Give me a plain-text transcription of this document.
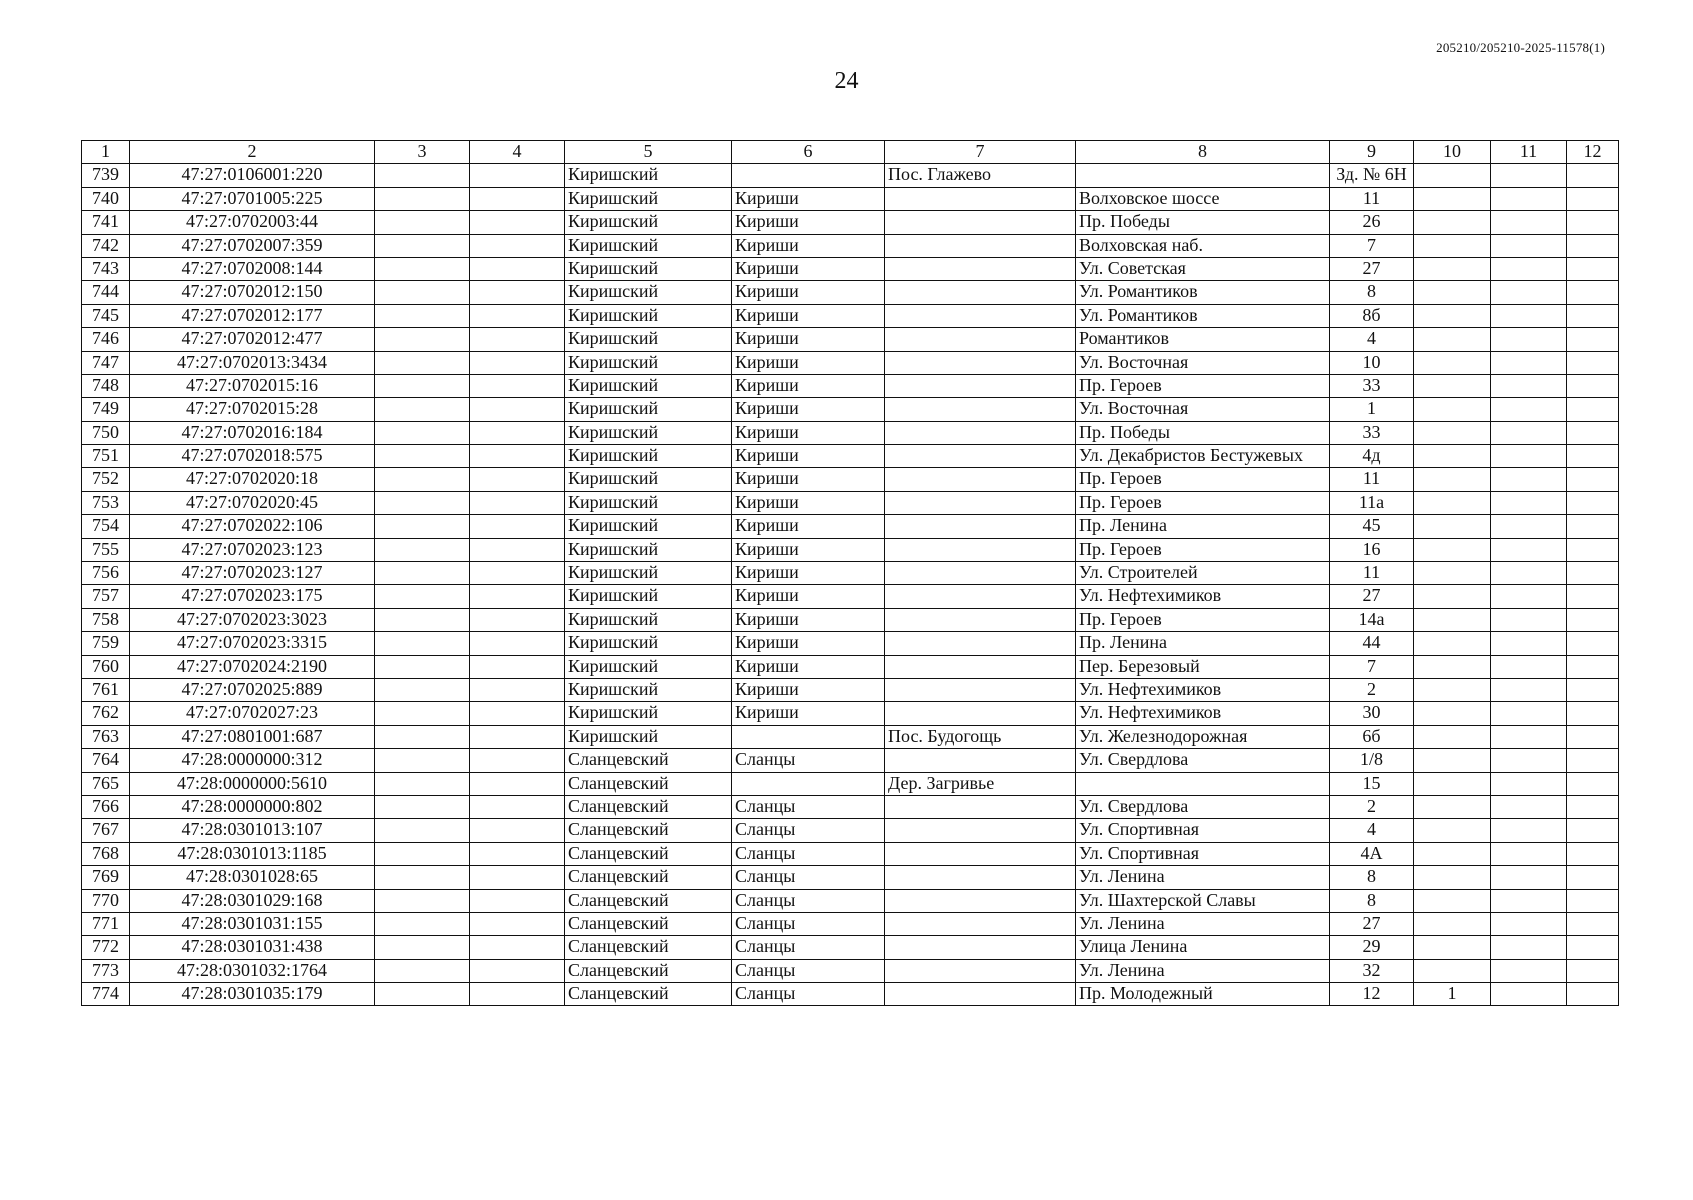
205210/205210-2025-11578(1)
24
1	2	3	4	5	6	7	8	9	10	11	12
739	47:27:0106001:220			Киришский		Пос. Глажево		Зд. № 6Н			
740	47:27:0701005:225			Киришский	Кириши		Волховское шоссе	11			
741	47:27:0702003:44			Киришский	Кириши		Пр. Победы	26			
742	47:27:0702007:359			Киришский	Кириши		Волховская наб.	7			
743	47:27:0702008:144			Киришский	Кириши		Ул. Советская	27			
744	47:27:0702012:150			Киришский	Кириши		Ул. Романтиков	8			
745	47:27:0702012:177			Киришский	Кириши		Ул. Романтиков	8б			
746	47:27:0702012:477			Киришский	Кириши		Романтиков	4			
747	47:27:0702013:3434			Киришский	Кириши		Ул. Восточная	10			
748	47:27:0702015:16			Киришский	Кириши		Пр. Героев	33			
749	47:27:0702015:28			Киришский	Кириши		Ул. Восточная	1			
750	47:27:0702016:184			Киришский	Кириши		Пр. Победы	33			
751	47:27:0702018:575			Киришский	Кириши		Ул. Декабристов Бестужевых	4д			
752	47:27:0702020:18			Киришский	Кириши		Пр. Героев	11			
753	47:27:0702020:45			Киришский	Кириши		Пр. Героев	11а			
754	47:27:0702022:106			Киришский	Кириши		Пр. Ленина	45			
755	47:27:0702023:123			Киришский	Кириши		Пр. Героев	16			
756	47:27:0702023:127			Киришский	Кириши		Ул. Строителей	11			
757	47:27:0702023:175			Киришский	Кириши		Ул. Нефтехимиков	27			
758	47:27:0702023:3023			Киришский	Кириши		Пр. Героев	14а			
759	47:27:0702023:3315			Киришский	Кириши		Пр. Ленина	44			
760	47:27:0702024:2190			Киришский	Кириши		Пер. Березовый	7			
761	47:27:0702025:889			Киришский	Кириши		Ул. Нефтехимиков	2			
762	47:27:0702027:23			Киришский	Кириши		Ул. Нефтехимиков	30			
763	47:27:0801001:687			Киришский		Пос. Будогощь	Ул. Железнодорожная	6б			
764	47:28:0000000:312			Сланцевский	Сланцы		Ул. Свердлова	1/8			
765	47:28:0000000:5610			Сланцевский		Дер. Загривье		15			
766	47:28:0000000:802			Сланцевский	Сланцы		Ул. Свердлова	2			
767	47:28:0301013:107			Сланцевский	Сланцы		Ул. Спортивная	4			
768	47:28:0301013:1185			Сланцевский	Сланцы		Ул. Спортивная	4А			
769	47:28:0301028:65			Сланцевский	Сланцы		Ул. Ленина	8			
770	47:28:0301029:168			Сланцевский	Сланцы		Ул. Шахтерской Славы	8			
771	47:28:0301031:155			Сланцевский	Сланцы		Ул. Ленина	27			
772	47:28:0301031:438			Сланцевский	Сланцы		Улица Ленина	29			
773	47:28:0301032:1764			Сланцевский	Сланцы		Ул. Ленина	32			
774	47:28:0301035:179			Сланцевский	Сланцы		Пр. Молодежный	12	1		
